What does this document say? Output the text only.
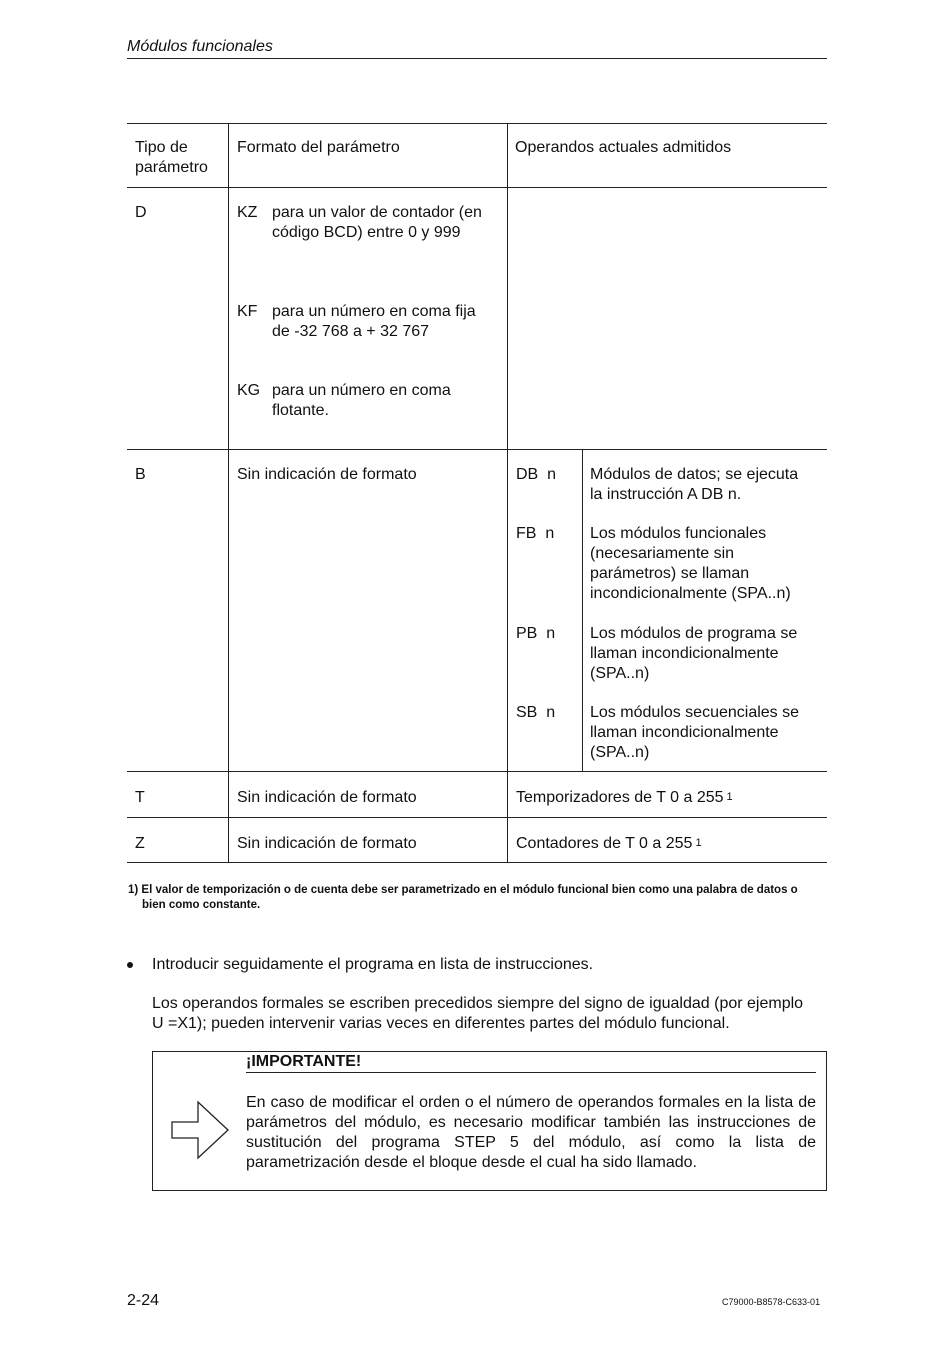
Módulos funcionales
Tipo de
parámetro
Formato del parámetro	Operandos actuales admitidos
D	KZ para un valor de contador (en
código BCD) entre 0 y 999
KF para un número en coma fija
de -32 768 a + 32 767
KG para un número en coma
flotante.
B	Sin indicación de formato	DB  n Módulos de datos; se ejecuta
la instrucción A DB n.
FB  n Los módulos funcionales
(necesariamente sin
parámetros) se llaman
incondicionalmente (SPA..n)
PB  n Los módulos de programa se
llaman incondicionalmente
(SPA..n)
SB  n Los módulos secuenciales se
llaman incondicionalmente
(SPA..n)
T	Sin indicación de formato	Temporizadores de T 0 a 255 $^1$
Z	Sin indicación de formato	Contadores de T 0 a 255 $^1$
1) El valor de temporización o de cuenta debe ser parametrizado en el módulo funcional bien como una palabra de datos o bien como constante.
Introducir seguidamente el programa en lista de instrucciones.
Los operandos formales se escriben precedidos siempre del signo de igualdad (por ejemplo
U =X1); pueden intervenir varias veces en diferentes partes del módulo funcional.
¡IMPORTANTE!
En caso de modificar el orden o el número de operandos formales en la lista de parámetros del módulo, es necesario modificar también las instrucciones de sustitución del programa STEP 5 del módulo, así como la lista de parametrización desde el bloque desde el cual ha sido llamado.
2-24	C79000-B8578-C633-01
